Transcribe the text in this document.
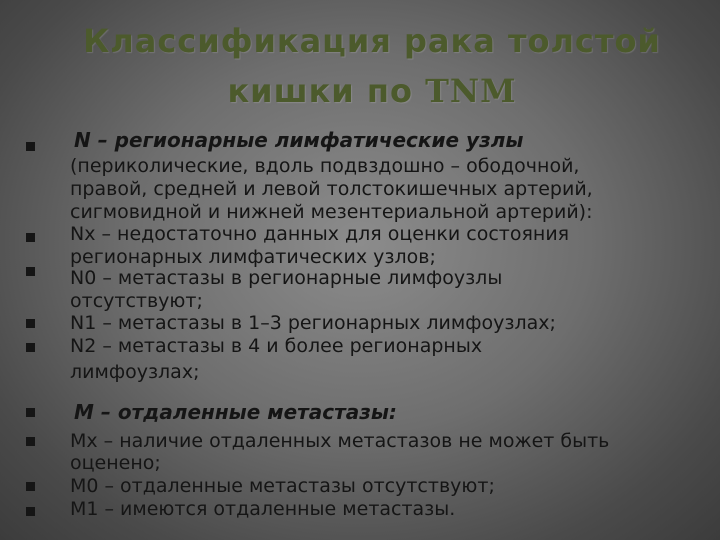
Классификация рака толстой
кишки по TNM
N – регионарные лимфатические узлы
(периколические, вдоль подвздошно – ободочной,
правой, средней и левой толстокишечных артерий,
сигмовидной и нижней мезентериальной артерий):
Nx – недостаточно данных для оценки состояния
регионарных лимфатических узлов;
N0 – метастазы в регионарные лимфоузлы
отсутствуют;
N1 – метастазы в 1–3 регионарных лимфоузлах;
N2 – метастазы в 4 и более регионарных
лимфоузлах;
M – отдаленные метастазы:
Mx – наличие отдаленных метастазов не может быть
оценено;
M0 – отдаленные метастазы отсутствуют;
M1 – имеются отдаленные метастазы.
